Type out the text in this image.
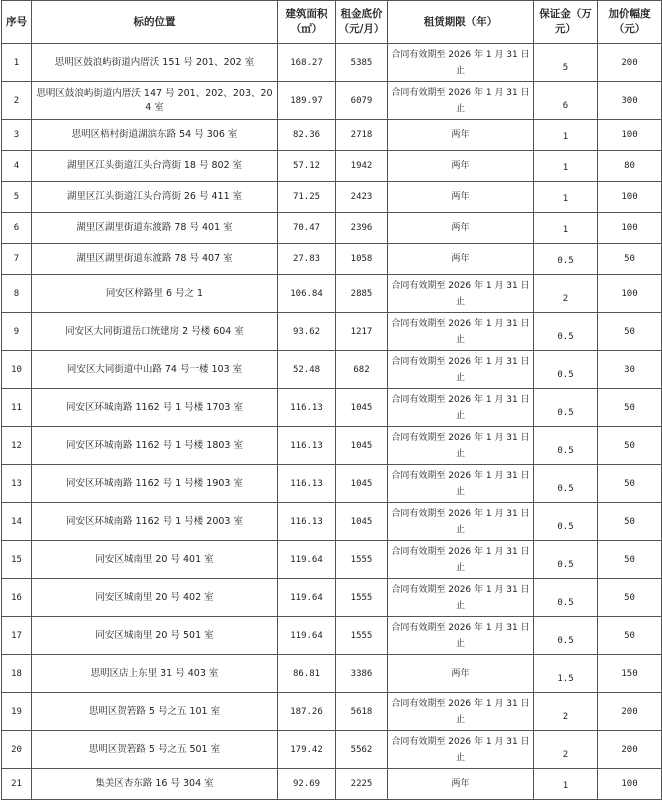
序号	标的位置	建筑面积（㎡）	租金底价（元/月）	租赁期限（年）	保证金（万元）	加价幅度（元）
1	思明区鼓浪屿街道内厝沃 151 号 201、202 室	168.27	5385	合同有效期至 2026 年 1 月 31 日止	5	200
2	思明区鼓浪屿街道内厝沃 147 号 201、202、203、204 室	189.97	6079	合同有效期至 2026 年 1 月 31 日止	6	300
3	思明区梧村街道湖滨东路 54 号 306 室	82.36	2718	两年	1	100
4	湖里区江头街道江头台湾街 18 号 802 室	57.12	1942	两年	1	80
5	湖里区江头街道江头台湾街 26 号 411 室	71.25	2423	两年	1	100
6	湖里区湖里街道东渡路 78 号 401 室	70.47	2396	两年	1	100
7	湖里区湖里街道东渡路 78 号 407 室	27.83	1058	两年	0.5	50
8	同安区梓路里 6 号之 1	106.84	2885	合同有效期至 2026 年 1 月 31 日止	2	100
9	同安区大同街道岳口统建房 2 号楼 604 室	93.62	1217	合同有效期至 2026 年 1 月 31 日止	0.5	50
10	同安区大同街道中山路 74 号一楼 103 室	52.48	682	合同有效期至 2026 年 1 月 31 日止	0.5	30
11	同安区环城南路 1162 号 1 号楼 1703 室	116.13	1045	合同有效期至 2026 年 1 月 31 日止	0.5	50
12	同安区环城南路 1162 号 1 号楼 1803 室	116.13	1045	合同有效期至 2026 年 1 月 31 日止	0.5	50
13	同安区环城南路 1162 号 1 号楼 1903 室	116.13	1045	合同有效期至 2026 年 1 月 31 日止	0.5	50
14	同安区环城南路 1162 号 1 号楼 2003 室	116.13	1045	合同有效期至 2026 年 1 月 31 日止	0.5	50
15	同安区城南里 20 号 401 室	119.64	1555	合同有效期至 2026 年 1 月 31 日止	0.5	50
16	同安区城南里 20 号 402 室	119.64	1555	合同有效期至 2026 年 1 月 31 日止	0.5	50
17	同安区城南里 20 号 501 室	119.64	1555	合同有效期至 2026 年 1 月 31 日止	0.5	50
18	思明区店上东里 31 号 403 室	86.81	3386	两年	1.5	150
19	思明区贺箬路 5 号之五 101 室	187.26	5618	合同有效期至 2026 年 1 月 31 日止	2	200
20	思明区贺箬路 5 号之五 501 室	179.42	5562	合同有效期至 2026 年 1 月 31 日止	2	200
21	集美区杏东路 16 号 304 室	92.69	2225	两年	1	100
